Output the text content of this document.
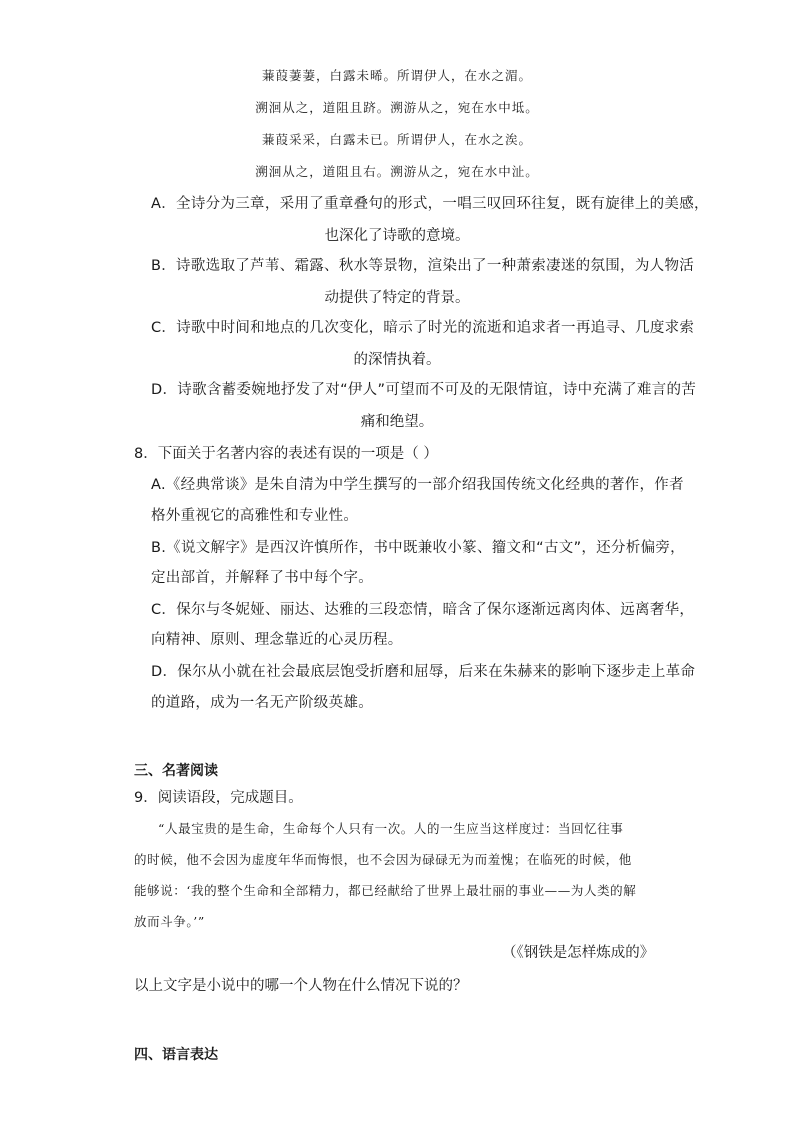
蒹葭萋萋，白露未晞。所谓伊人，在水之湄。
溯洄从之，道阻且跻。溯游从之，宛在水中坻。
蒹葭采采，白露未已。所谓伊人，在水之涘。
溯洄从之，道阻且右。溯游从之，宛在水中沚。
A．全诗分为三章，采用了重章叠句的形式，一唱三叹回环往复，既有旋律上的美感，
也深化了诗歌的意境。
B．诗歌选取了芦苇、霜露、秋水等景物，渲染出了一种萧索凄迷的氛围，为人物活
动提供了特定的背景。
C．诗歌中时间和地点的几次变化，暗示了时光的流逝和追求者一再追寻、几度求索
的深情执着。
D．诗歌含蓄委婉地抒发了对“伊人”可望而不可及的无限情谊，诗中充满了难言的苦
痛和绝望。
8．下面关于名著内容的表述有误的一项是（ ）
A.《经典常谈》是朱自清为中学生撰写的一部介绍我国传统文化经典的著作，作者
格外重视它的高雅性和专业性。
B.《说文解字》是西汉许慎所作，书中既兼收小篆、籀文和“古文”，还分析偏旁，
定出部首，并解释了书中每个字。
C．保尔与冬妮娅、丽达、达雅的三段恋情，暗含了保尔逐渐远离肉体、远离奢华，
向精神、原则、理念靠近的心灵历程。
D．保尔从小就在社会最底层饱受折磨和屈辱，后来在朱赫来的影响下逐步走上革命
的道路，成为一名无产阶级英雄。
三、名著阅读
9．阅读语段，完成题目。
“人最宝贵的是生命，生命每个人只有一次。人的一生应当这样度过：当回忆往事
的时候，他不会因为虚度年华而悔恨，也不会因为碌碌无为而羞愧；在临死的时候，他
能够说：‘我的整个生命和全部精力，都已经献给了世界上最壮丽的事业——为人类的解
放而斗争。’”
（《钢铁是怎样炼成的》
以上文字是小说中的哪一个人物在什么情况下说的？
四、语言表达
